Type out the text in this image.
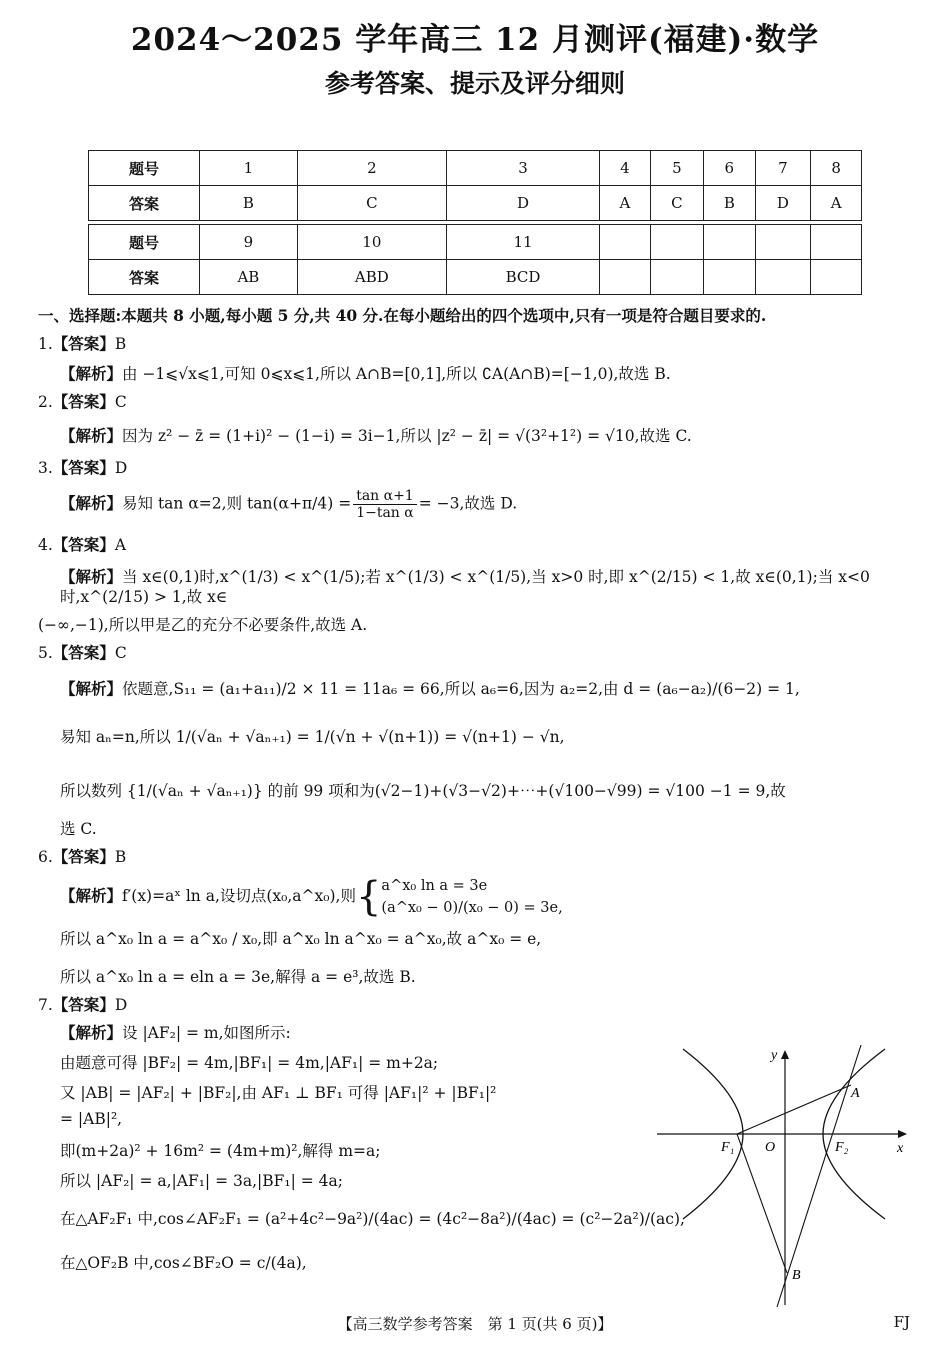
2024～2025 学年高三 12 月测评(福建)·数学
参考答案、提示及评分细则
题号	1	2	3	4	5	6	7	8
答案	B	C	D	A	C	B	D	A

题号	9	10	11					
答案	AB	ABD	BCD					
一、选择题:本题共 8 小题,每小题 5 分,共 40 分.在每小题给出的四个选项中,只有一项是符合题目要求的.
1.【答案】B
【解析】由 −1⩽√x⩽1,可知 0⩽x⩽1,所以 A∩B=[0,1],所以 ∁A(A∩B)=[−1,0),故选 B.
2.【答案】C
【解析】因为 z² − z̄ = (1+i)² − (1−i) = 3i−1,所以 |z² − z̄| = √(3²+1²) = √10,故选 C.
3.【答案】D
【解析】易知 tan α=2,则 $\tan(\alpha+\pi/4) = \frac{\text{tan α+1}}{\text{1−tan α}} = -3$,故选 D.
4.【答案】A
【解析】当 x∈(0,1)时,x^(1/3) < x^(1/5);若 x^(1/3) < x^(1/5),当 x>0 时,即 x^(2/15) < 1,故 x∈(0,1);当 x<0 时,x^(2/15) > 1,故 x∈
(−∞,−1),所以甲是乙的充分不必要条件,故选 A.
5.【答案】C
【解析】依题意,S₁₁ = (a₁+a₁₁)/2 × 11 = 11a₆ = 66,所以 a₆=6,因为 a₂=2,由 d = (a₆−a₂)/(6−2) = 1,
易知 aₙ=n,所以 1/(√aₙ + √aₙ₊₁) = 1/(√n + √(n+1)) = √(n+1) − √n,
所以数列 {1/(√aₙ + √aₙ₊₁)} 的前 99 项和为(√2−1)+(√3−√2)+⋯+(√100−√99) = √100 −1 = 9,故
选 C.
6.【答案】B
【解析】f′(x)=aˣ ln a,设切点(x₀,a^x₀),则{ a^x₀ ln a = 3e
(a^x₀ − 0)/(x₀ − 0) = 3e,
所以 a^x₀ ln a = a^x₀ / x₀,即 a^x₀ ln a^x₀ = a^x₀,故 a^x₀ = e,
所以 a^x₀ ln a = eln a = 3e,解得 a = e³,故选 B.
7.【答案】D
【解析】设 |AF₂| = m,如图所示:
由题意可得 |BF₂| = 4m,|BF₁| = 4m,|AF₁| = m+2a;
又 |AB| = |AF₂| + |BF₂|,由 AF₁ ⊥ BF₁ 可得 |AF₁|² + |BF₁|²
= |AB|²,
即(m+2a)² + 16m² = (4m+m)²,解得 m=a;
所以 |AF₂| = a,|AF₁| = 3a,|BF₁| = 4a;
在△AF₂F₁ 中,cos∠AF₂F₁ = (a²+4c²−9a²)/(4ac) = (4c²−8a²)/(4ac) = (c²−2a²)/(ac),
在△OF₂B 中,cos∠BF₂O = c/(4a),
y
x
O
F₁	F₂
A
B
【高三数学参考答案　第 1 页(共 6 页)】	FJ
